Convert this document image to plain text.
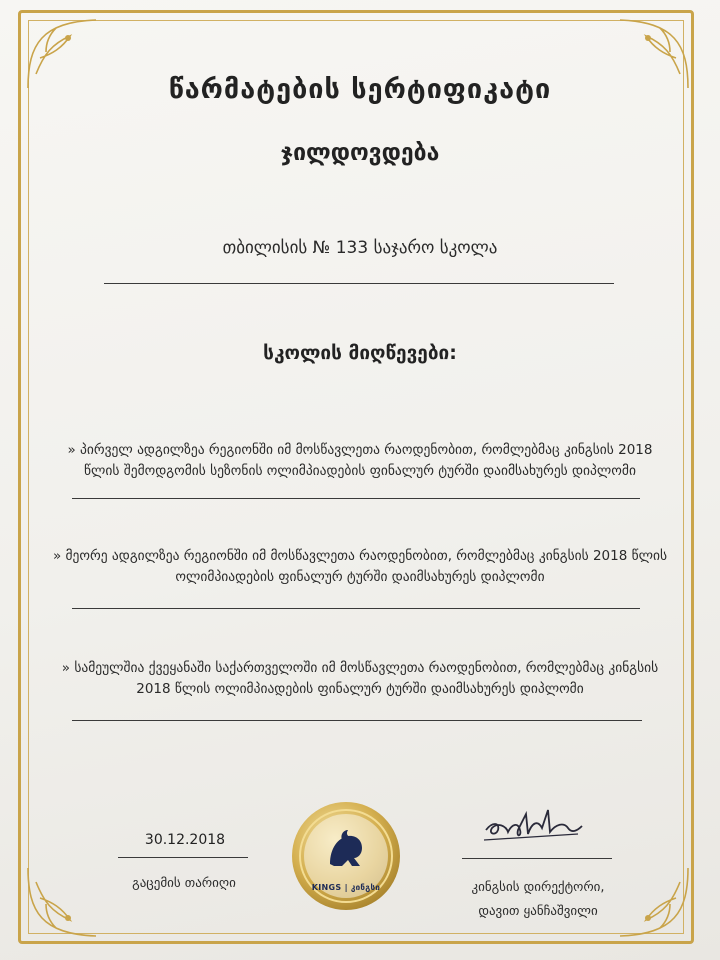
წარმატების სერტიფიკატი
ჯილდოვდება
თბილისის № 133 საჯარო სკოლა
სკოლის მიღწევები:
» პირველ ადგილზეა რეგიონში იმ მოსწავლეთა რაოდენობით, რომლებმაც კინგსის 2018 წლის შემოდგომის სეზონის ოლიმპიადების ფინალურ ტურში დაიმსახურეს დიპლომი
» მეორე ადგილზეა რეგიონში იმ მოსწავლეთა რაოდენობით, რომლებმაც კინგსის 2018 წლის ოლიმპიადების ფინალურ ტურში დაიმსახურეს დიპლომი
» სამეულშია ქვეყანაში საქართველოში იმ მოსწავლეთა რაოდენობით, რომლებმაც კინგსის 2018 წლის ოლიმპიადების ფინალურ ტურში დაიმსახურეს დიპლომი
30.12.2018
გაცემის თარიღი	KINGS | კინგსი	კინგსის დირექტორი,
დავით ყანჩაშვილი
